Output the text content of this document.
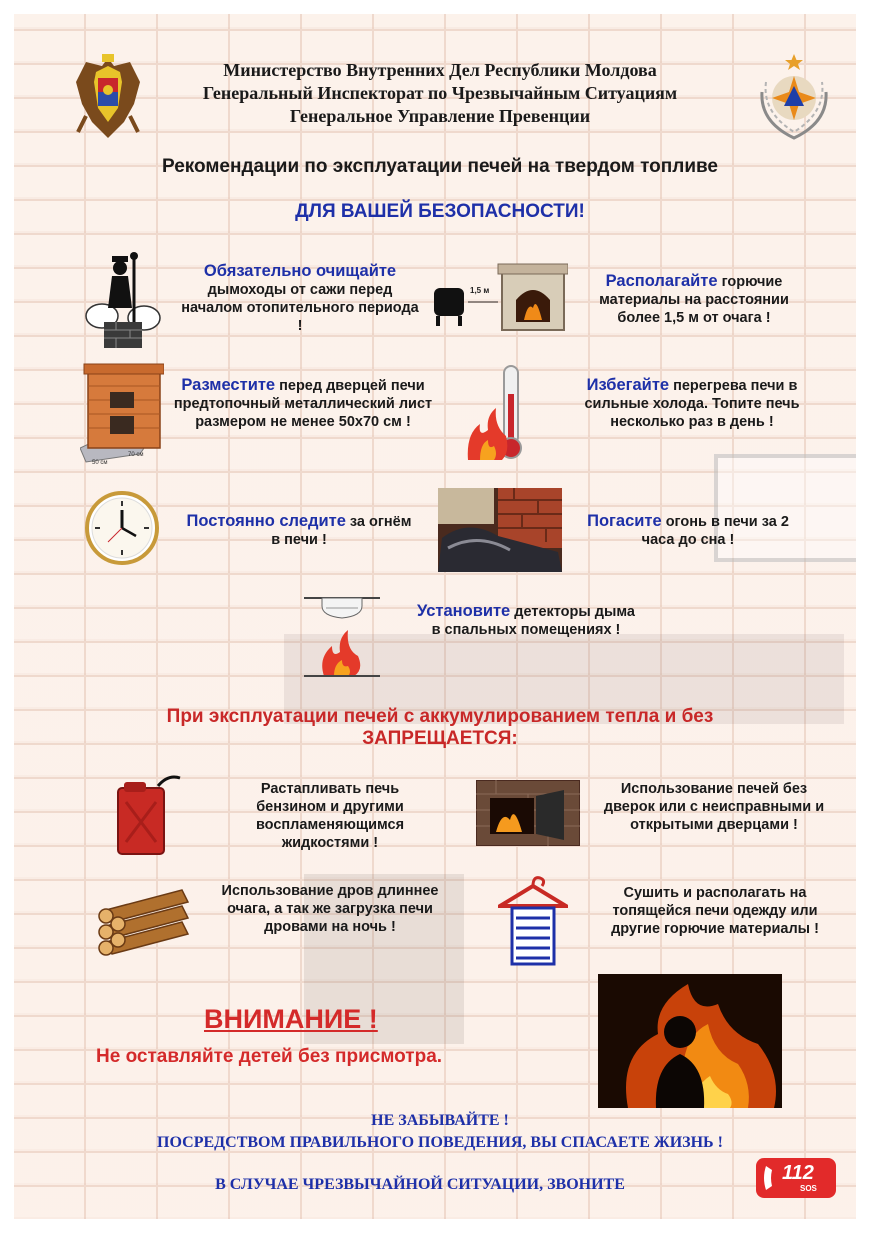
Министерство Внутренних Дел Республики Молдова
Генеральный Инспекторат по Чрезвычайным Ситуациям
Генеральное Управление Превенции
Рекомендации по эксплуатации печей на твердом топливе
ДЛЯ ВАШЕЙ БЕЗОПАСНОСТИ!
Обязательно очищайте
дымоходы от сажи перед началом отопительного периода !
1,5 м
Располагайте горючие материалы на расстоянии более 1,5 м от очага !
50 см
70 см
Разместите перед дверцей печи предтопочный металлический лист размером не менее 50х70 см !
Избегайте перегрева печи в сильные холода. Топите печь несколько раз в день !
Постоянно следите за огнём в печи !
Погасите огонь в печи за 2 часа до сна !
Установите детекторы дыма в спальных помещениях !
При эксплуатации печей с аккумулированием тепла и без
ЗАПРЕЩАЕТСЯ:
Растапливать печь бензином и другими воспламеняющимся жидкостями !
Использование печей без дверок или с неисправными и открытыми дверцами !
Использование дров длиннее очага, а так же загрузка печи дровами на ночь !
Сушить и располагать на топящейся печи одежду или другие горючие материалы !
ВНИМАНИЕ !
Не оставляйте детей без присмотра.
НЕ ЗАБЫВАЙТЕ !
ПОСРЕДСТВОМ ПРАВИЛЬНОГО ПОВЕДЕНИЯ, ВЫ СПАСАЕТЕ ЖИЗНЬ !
В СЛУЧАЕ ЧРЕЗВЫЧАЙНОЙ СИТУАЦИИ, ЗВОНИТЕ
112
SOS
